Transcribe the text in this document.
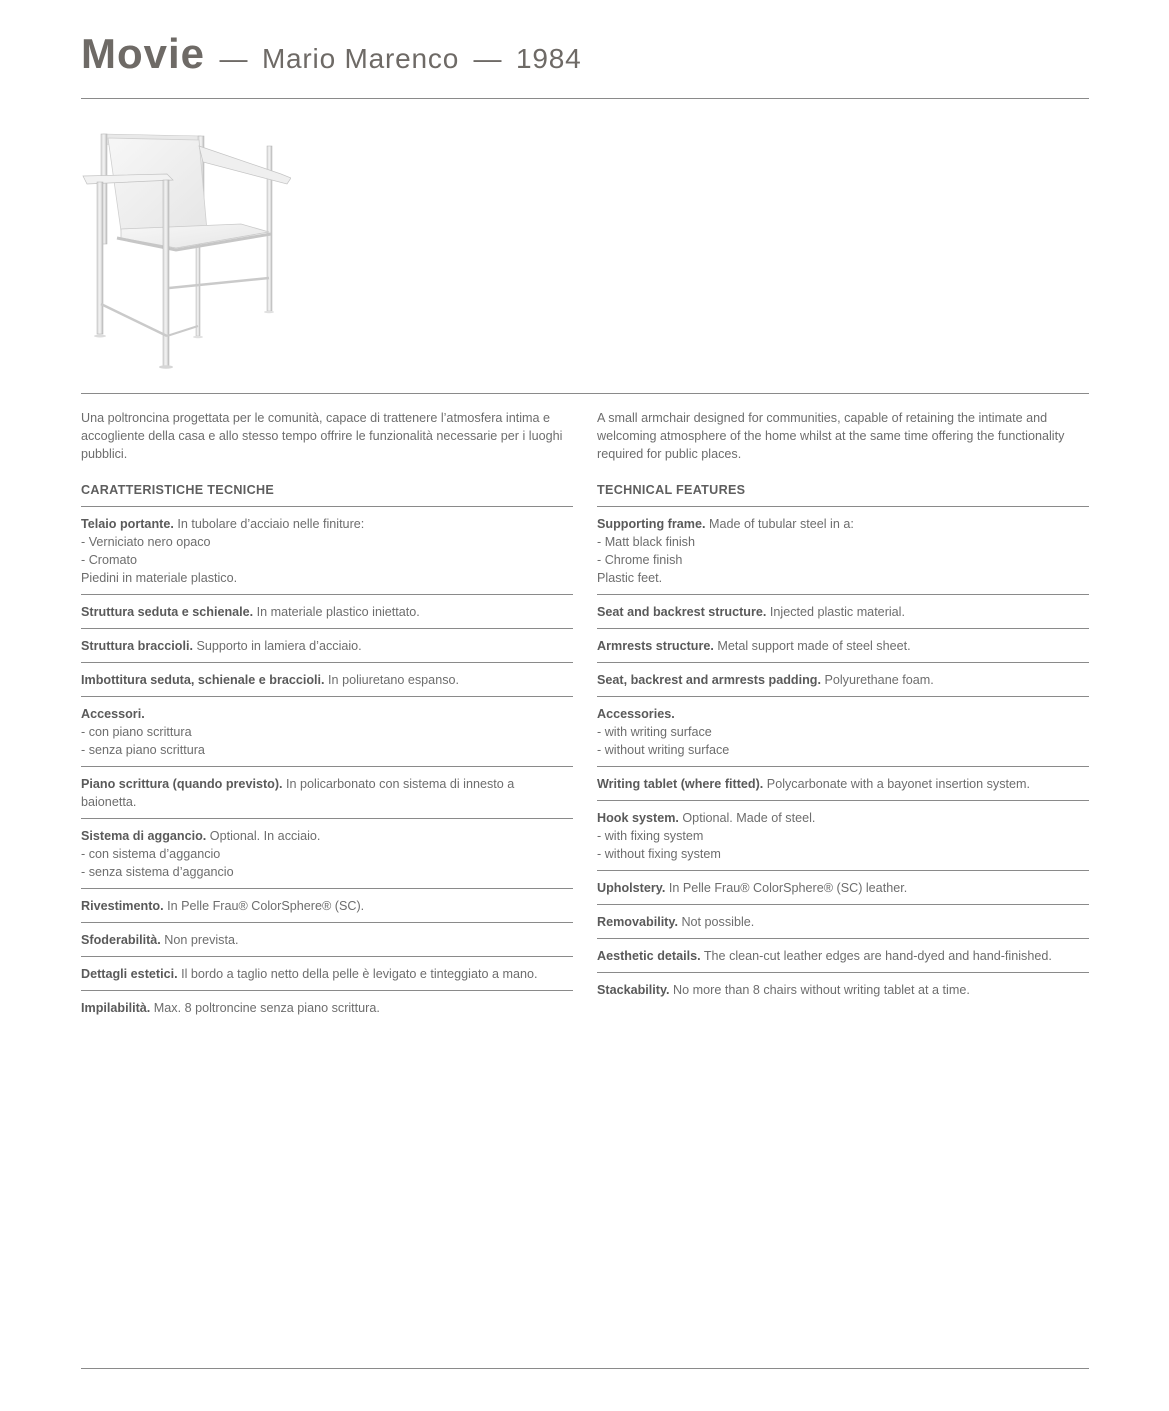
Movie — Mario Marenco — 1984

Una poltroncina progettata per le comunità, capace di trattenere l’atmosfera intima e accogliente della casa e allo stesso tempo offrire le funzionalità necessarie per i luoghi pubblici.

CARATTERISTICHE TECNICHE
Telaio portante. In tubolare d’acciaio nelle finiture:
- Verniciato nero opaco
- Cromato
Piedini in materiale plastico.
Struttura seduta e schienale. In materiale plastico iniettato.
Struttura braccioli. Supporto in lamiera d’acciaio.
Imbottitura seduta, schienale e braccioli. In poliuretano espanso.
Accessori.
- con piano scrittura
- senza piano scrittura
Piano scrittura (quando previsto). In policarbonato con sistema di innesto a baionetta.
Sistema di aggancio. Optional. In acciaio.
- con sistema d’aggancio
- senza sistema d’aggancio
Rivestimento. In Pelle Frau® ColorSphere® (SC).
Sfoderabilità. Non prevista.
Dettagli estetici. Il bordo a taglio netto della pelle è levigato e tinteggiato a mano.
Impilabilità. Max. 8 poltroncine senza piano scrittura.

A small armchair designed for communities, capable of retaining the intimate and welcoming atmosphere of the home whilst at the same time offering the functionality required for public places.

TECHNICAL FEATURES
Supporting frame. Made of tubular steel in a:
- Matt black finish
- Chrome finish
Plastic feet.
Seat and backrest structure. Injected plastic material.
Armrests structure. Metal support made of steel sheet.
Seat, backrest and armrests padding. Polyurethane foam.
Accessories.
- with writing surface
- without writing surface
Writing tablet (where fitted). Polycarbonate with a bayonet insertion system.
Hook system. Optional. Made of steel.
- with fixing system
- without fixing system
Upholstery. In Pelle Frau® ColorSphere® (SC) leather.
Removability. Not possible.
Aesthetic details. The clean-cut leather edges are hand-dyed and hand-finished.
Stackability. No more than 8 chairs without writing tablet at a time.
